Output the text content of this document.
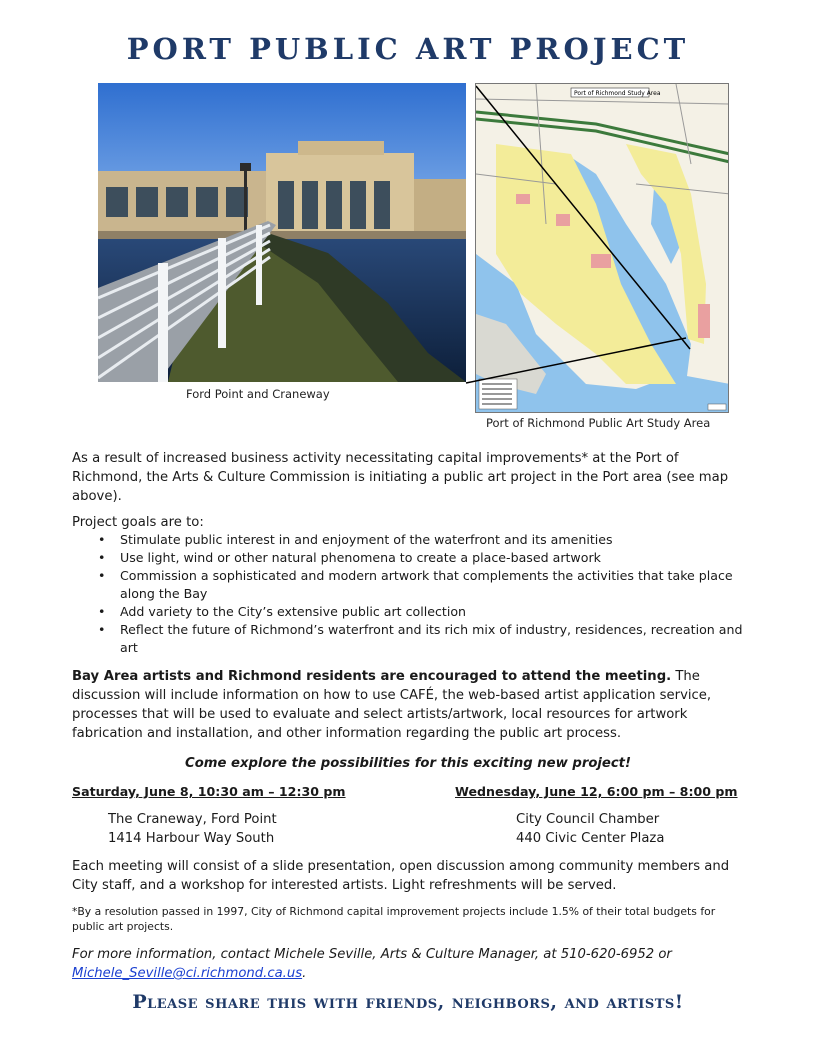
PORT PUBLIC ART PROJECT
Ford Point and Craneway
Port of Richmond Study Area
Port of Richmond Public Art Study Area

As a result of increased business activity necessitating capital improvements* at the Port of Richmond, the Arts & Culture Commission is initiating a public art project in the Port area (see map above).

Project goals are to:

• Stimulate public interest in and enjoyment of the waterfront and its amenities
• Use light, wind or other natural phenomena to create a place-based artwork
• Commission a sophisticated and modern artwork that complements the activities that take place along the Bay
• Add variety to the City’s extensive public art collection
• Reflect the future of Richmond’s waterfront and its rich mix of industry, residences, recreation and art

Bay Area artists and Richmond residents are encouraged to attend the meeting. The discussion will include information on how to use CAFÉ, the web-based artist application service, processes that will be used to evaluate and select artists/artwork, local resources for artwork fabrication and installation, and other information regarding the public art process.

Come explore the possibilities for this exciting new project!
Saturday, June 8, 10:30 am – 12:30 pm	Wednesday, June 12, 6:00 pm – 8:00 pm
The Craneway, Ford Point
1414 Harbour Way South
City Council Chamber
440 Civic Center Plaza

Each meeting will consist of a slide presentation, open discussion among community members and City staff, and a workshop for interested artists. Light refreshments will be served.

*By a resolution passed in 1997, City of Richmond capital improvement projects include 1.5% of their total budgets for public art projects.

For more information, contact Michele Seville, Arts & Culture Manager, at 510-620-6952 or Michele_Seville@ci.richmond.ca.us.

Please share this with friends, neighbors, and artists!
